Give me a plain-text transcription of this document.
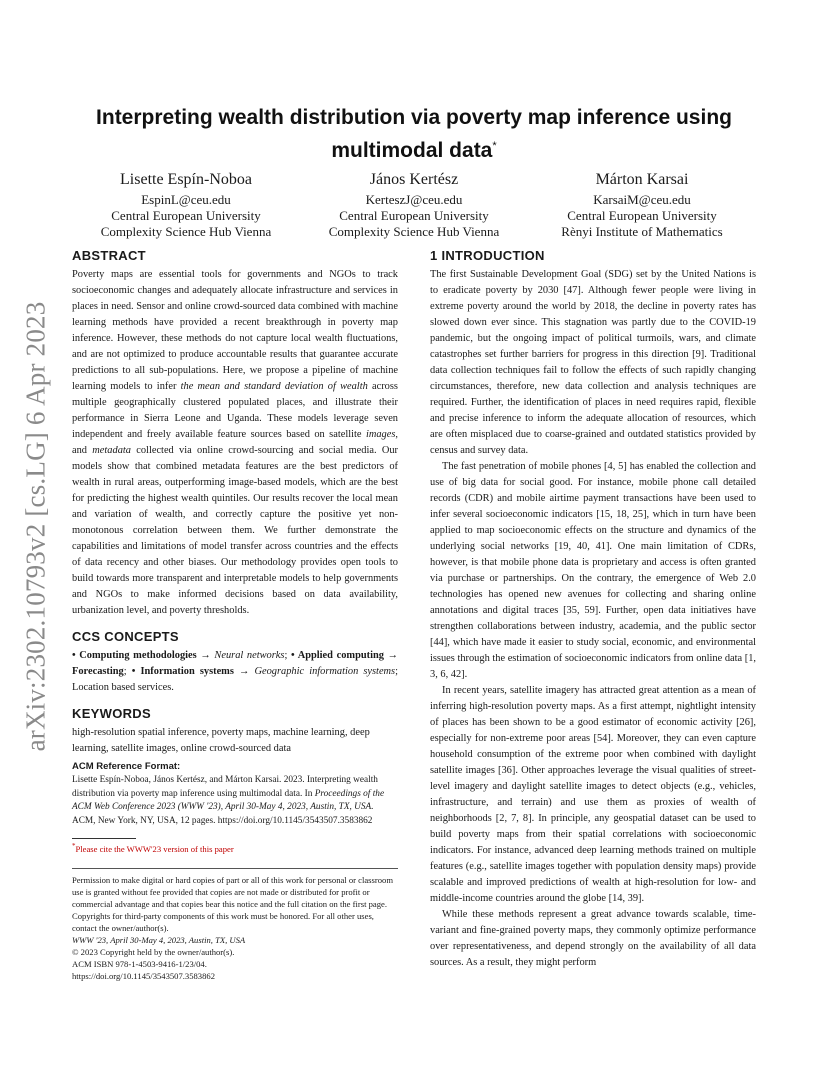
arXiv:2302.10793v2 [cs.LG] 6 Apr 2023
Interpreting wealth distribution via poverty map inference using multimodal data*
Lisette Espín-Noboa
EspinL@ceu.edu
Central European University
Complexity Science Hub Vienna
János Kertész
KerteszJ@ceu.edu
Central European University
Complexity Science Hub Vienna
Márton Karsai
KarsaiM@ceu.edu
Central European University
Rènyi Institute of Mathematics
ABSTRACT

Poverty maps are essential tools for governments and NGOs to track socioeconomic changes and adequately allocate infrastructure and services in places in need. Sensor and online crowd-sourced data combined with machine learning methods have provided a recent breakthrough in poverty map inference. However, these methods do not capture local wealth fluctuations, and are not optimized to produce accountable results that guarantee accurate predictions to all sub-populations. Here, we propose a pipeline of machine learning models to infer the mean and standard deviation of wealth across multiple geographically clustered populated places, and illustrate their performance in Sierra Leone and Uganda. These models leverage seven independent and freely available feature sources based on satellite images, and metadata collected via online crowd-sourcing and social media. Our models show that combined metadata features are the best predictors of wealth in rural areas, outperforming image-based models, which are the best for predicting the highest wealth quintiles. Our results recover the local mean and variation of wealth, and correctly capture the positive yet non-monotonous correlation between them. We further demonstrate the capabilities and limitations of model transfer across countries and the effects of data recency and other biases. Our methodology provides open tools to build towards more transparent and interpretable models to help governments and NGOs to make informed decisions based on data availability, urbanization level, and poverty thresholds.

CCS CONCEPTS

• Computing methodologies → Neural networks; • Applied computing → Forecasting; • Information systems → Geographic information systems; Location based services.

KEYWORDS

high-resolution spatial inference, poverty maps, machine learning, deep learning, satellite images, online crowd-sourced data

ACM Reference Format:

Lisette Espín-Noboa, János Kertész, and Márton Karsai. 2023. Interpreting wealth distribution via poverty map inference using multimodal data. In Proceedings of the ACM Web Conference 2023 (WWW '23), April 30-May 4, 2023, Austin, TX, USA. ACM, New York, NY, USA, 12 pages. https://doi.org/10.1145/3543507.3583862

*Please cite the WWW'23 version of this paper

Permission to make digital or hard copies of part or all of this work for personal or classroom use is granted without fee provided that copies are not made or distributed for profit or commercial advantage and that copies bear this notice and the full citation on the first page. Copyrights for third-party components of this work must be honored. For all other uses, contact the owner/author(s).

WWW '23, April 30-May 4, 2023, Austin, TX, USA

© 2023 Copyright held by the owner/author(s).

ACM ISBN 978-1-4503-9416-1/23/04.

https://doi.org/10.1145/3543507.3583862

1 INTRODUCTION

The first Sustainable Development Goal (SDG) set by the United Nations is to eradicate poverty by 2030 [47]. Although fewer people were living in extreme poverty around the world by 2018, the decline in poverty rates has slowed down ever since. This stagnation was partly due to the COVID-19 pandemic, but the ongoing impact of political turmoils, wars, and climate catastrophes set further barriers for progress in this direction [9]. Traditional data collection techniques fail to follow the effects of such rapidly changing circumstances, therefore, new data collection and analysis techniques are required. Further, the identification of places in need requires rapid, flexible and precise inference to inform the adequate allocation of resources, which are often misplaced due to coarse-grained and outdated statistics provided by census and survey data.

The fast penetration of mobile phones [4, 5] has enabled the collection and use of big data for social good. For instance, mobile phone call detailed records (CDR) and mobile airtime payment transactions have been used to infer several socioeconomic indicators [15, 18, 25], which in turn have been applied to map socioeconomic effects on the structure and dynamics of the underlying social networks [19, 40, 41]. One main limitation of CDRs, however, is that mobile phone data is proprietary and access is often granted via purchase or partnerships. On the contrary, the emergence of Web 2.0 technologies has opened new avenues for collecting and sharing online annotations and digital traces [35, 59]. Further, open data initiatives have strengthen collaborations between industry, academia, and the public sector [44], which have made it easier to study social, economic, and environmental issues through the estimation of socioeconomic indicators from online data [1, 3, 6, 42].

In recent years, satellite imagery has attracted great attention as a mean of inferring high-resolution poverty maps. As a first attempt, nightlight intensity of places has been shown to be a good estimator of economic activity [26], especially for non-extreme poor areas [54]. Moreover, they can even capture household consumption of the extreme poor when combined with daylight satellite images [36]. Other approaches leverage the visual qualities of street-level imagery and daylight satellite images to detect objects (e.g., vehicles, infrastructure, and terrain) and use them as proxies of wealth of neighborhoods [2, 7, 8]. In principle, any geospatial dataset can be used to build poverty maps from their spatial correlations with socioeconomic indicators. For instance, advanced deep learning methods trained on multiple features (e.g., satellite images together with population density maps) provide scalable and improved predictions of wealth at high-resolution for low- and middle-income countries around the globe [14, 39].

While these methods represent a great advance towards scalable, time-variant and fine-grained poverty maps, they commonly optimize performance over representativeness, and depend strongly on the availability of all data sources. As a result, they might perform
